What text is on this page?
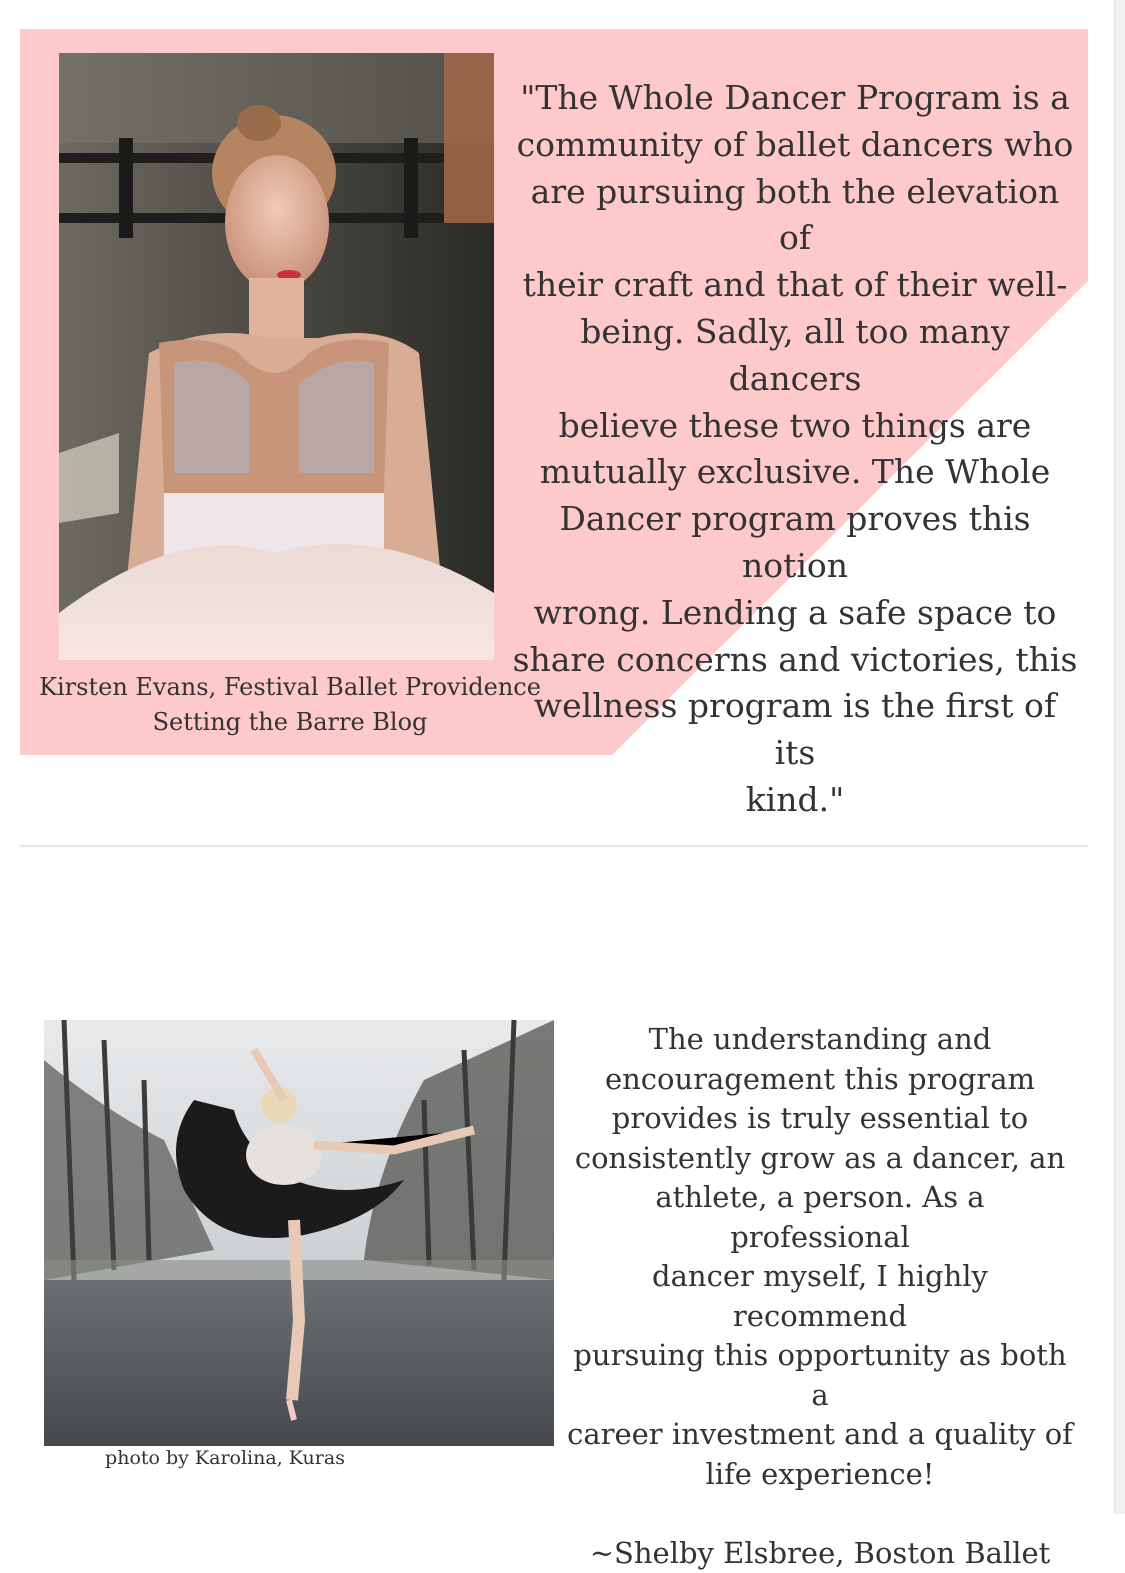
Kirsten Evans, Festival Ballet Providence
Setting the Barre Blog
"The Whole Dancer Program is a
community of ballet dancers who
are pursuing both the elevation of
their craft and that of their well-
being. Sadly, all too many dancers
believe these two things are
mutually exclusive. The Whole
Dancer program proves this notion
wrong. Lending a safe space to
share concerns and victories, this
wellness program is the first of its
kind."
photo by Karolina, Kuras
The understanding and
encouragement this program
provides is truly essential to
consistently grow as a dancer, an
athlete, a person. As a professional
dancer myself, I highly recommend
pursuing this opportunity as both a
career investment and a quality of
life experience!
~Shelby Elsbree, Boston Ballet
